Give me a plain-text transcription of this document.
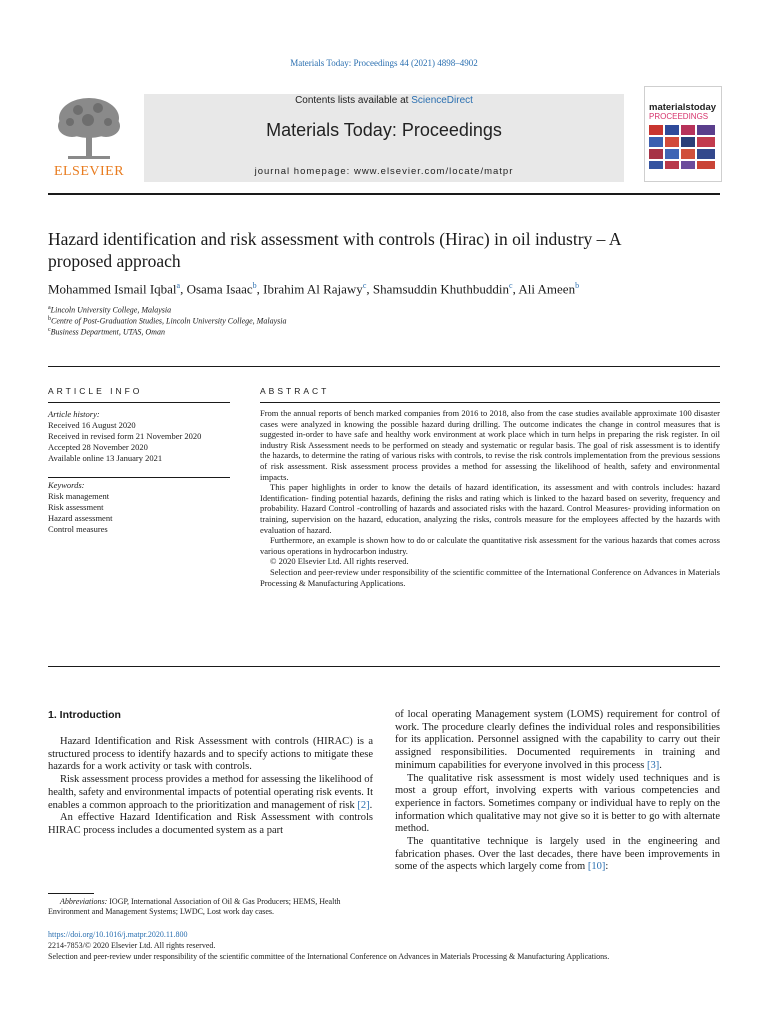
Materials Today: Proceedings 44 (2021) 4898–4902
ELSEVIER
Contents lists available at ScienceDirect
Materials Today: Proceedings
journal homepage: www.elsevier.com/locate/matpr
materialstoday
PROCEEDINGS
Hazard identification and risk assessment with controls (Hirac) in oil industry – A proposed approach
Mohammed Ismail Iqbal$^a$, Osama Isaac$^b$, Ibrahim Al Rajawy$^c$, Shamsuddin Khuthbuddin$^c$, Ali Ameen$^b$
$^a$Lincoln University College, Malaysia
$^b$Centre of Post-Graduation Studies, Lincoln University College, Malaysia
$^c$Business Department, UTAS, Oman
ARTICLE INFO
Article history:
Received 16 August 2020
Received in revised form 21 November 2020
Accepted 28 November 2020
Available online 13 January 2021
Keywords:
Risk management
Risk assessment
Hazard assessment
Control measures
ABSTRACT

From the annual reports of bench marked companies from 2016 to 2018, also from the case studies available approximate 100 disaster cases were analyzed in knowing the possible hazard during drilling. The outcome indicates the change in control measures that is suggested in-order to have safe and healthy work environment at work place which in turn helps in preparing the risk register. In oil industry Risk Assessment needs to be performed on steady and systematic or regular basis. The goal of risk assessment is to identify the hazards, to determine the rating of various risks with controls, to revise the risk controls implementation from the previous sessions of risk assessment. Risk assessment process provides a method for assessing the likelihood of health, safety and environmental impacts.

This paper highlights in order to know the details of hazard identification, its assessment and with controls includes: hazard Identification- finding potential hazards, defining the risks and rating which is linked to the hazard based on severity, frequency and probability. Hazard Control -controlling of hazards and associated risks with the hazard. Control Measures- providing information on training, supervision on the hazard, education, analyzing the risks, controls measure for the employees affected by the hazards with evaluation of hazard.

Furthermore, an example is shown how to do or calculate the quantitative risk assessment for the various hazards that comes across various operations in hydrocarbon industry.

© 2020 Elsevier Ltd. All rights reserved.

Selection and peer-review under responsibility of the scientific committee of the International Conference on Advances in Materials Processing & Manufacturing Applications.

1. Introduction

Hazard Identification and Risk Assessment with controls (HIRAC) is a structured process to identify hazards and to specify actions to mitigate these hazards for a work activity or task with controls.

Risk assessment process provides a method for assessing the likelihood of health, safety and environmental impacts of potential operating risk events. It enables a common approach to the prioritization and management of risk [2].

An effective Hazard Identification and Risk Assessment with controls HIRAC process includes a documented system as a part

of local operating Management system (LOMS) requirement for control of work. The procedure clearly defines the individual roles and responsibilities for its application. Personnel assigned with the capability to carry out their assigned responsibilities. Documented requirements in training and minimum capabilities for everyone involved in this process [3].

The qualitative risk assessment is most widely used techniques and is most a group effort, involving experts with various competencies and experience in factors. Sometimes company or individual have to reply on the information which qualitative may not give so it is better to go with alternate method.

The quantitative technique is largely used in the engineering and fabrication phases. Over the last decades, there have been improvements in some of the aspects which largely come from [10]:

Abbreviations: IOGP, International Association of Oil & Gas Producers; HEMS, Health Environment and Management Systems; LWDC, Lost work day cases.
https://doi.org/10.1016/j.matpr.2020.11.800
2214-7853/© 2020 Elsevier Ltd. All rights reserved.
Selection and peer-review under responsibility of the scientific committee of the International Conference on Advances in Materials Processing & Manufacturing Applications.
